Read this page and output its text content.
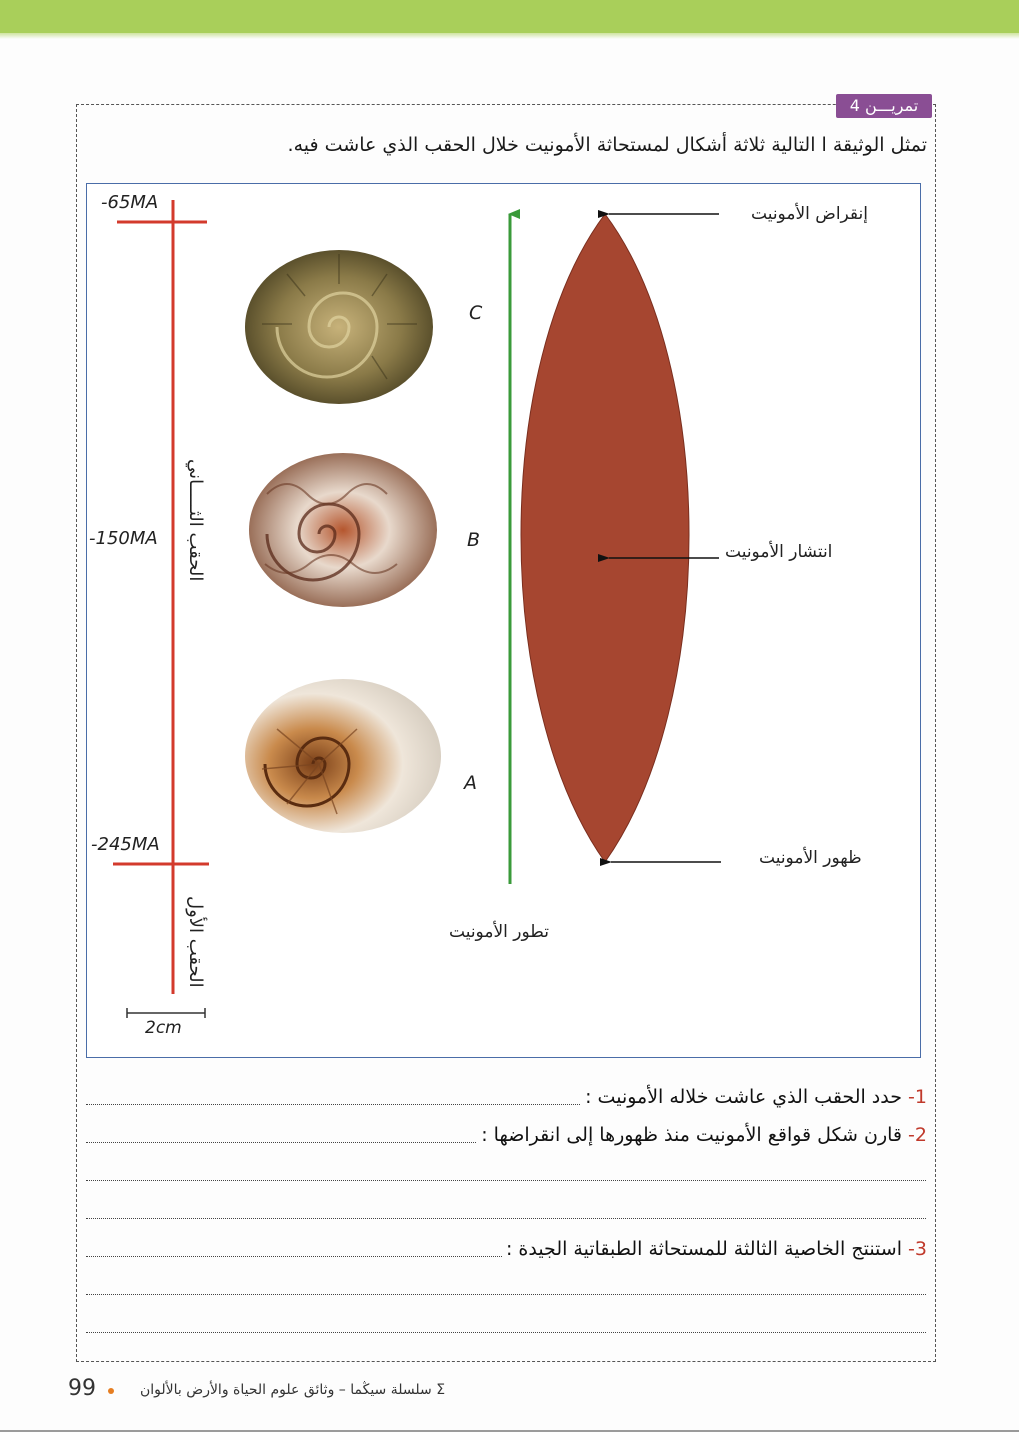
تمريـــن 4
تمثل الوثيقة ا التالية ثلاثة أشكال لمستحاثة الأمونيت خلال الحقب الذي عاشت فيه.
-65MA
-150MA
-245MA
الحقب الثـــــاني
الحقب الأول
2cm
C
B
A
تطور الأمونيت
إنقراض الأمونيت
انتشار الأمونيت
ظهور الأمونيت
1- حدد الحقب الذي عاشت خلاله الأمونيت :
2- قارن شكل قواقع الأمونيت منذ ظهورها إلى انقراضها :
3- استنتج الخاصية الثالثة للمستحاثة الطبقاتية الجيدة :
99	Σ سلسلة سيڭما – وثائق علوم الحياة والأرض بالألوان
